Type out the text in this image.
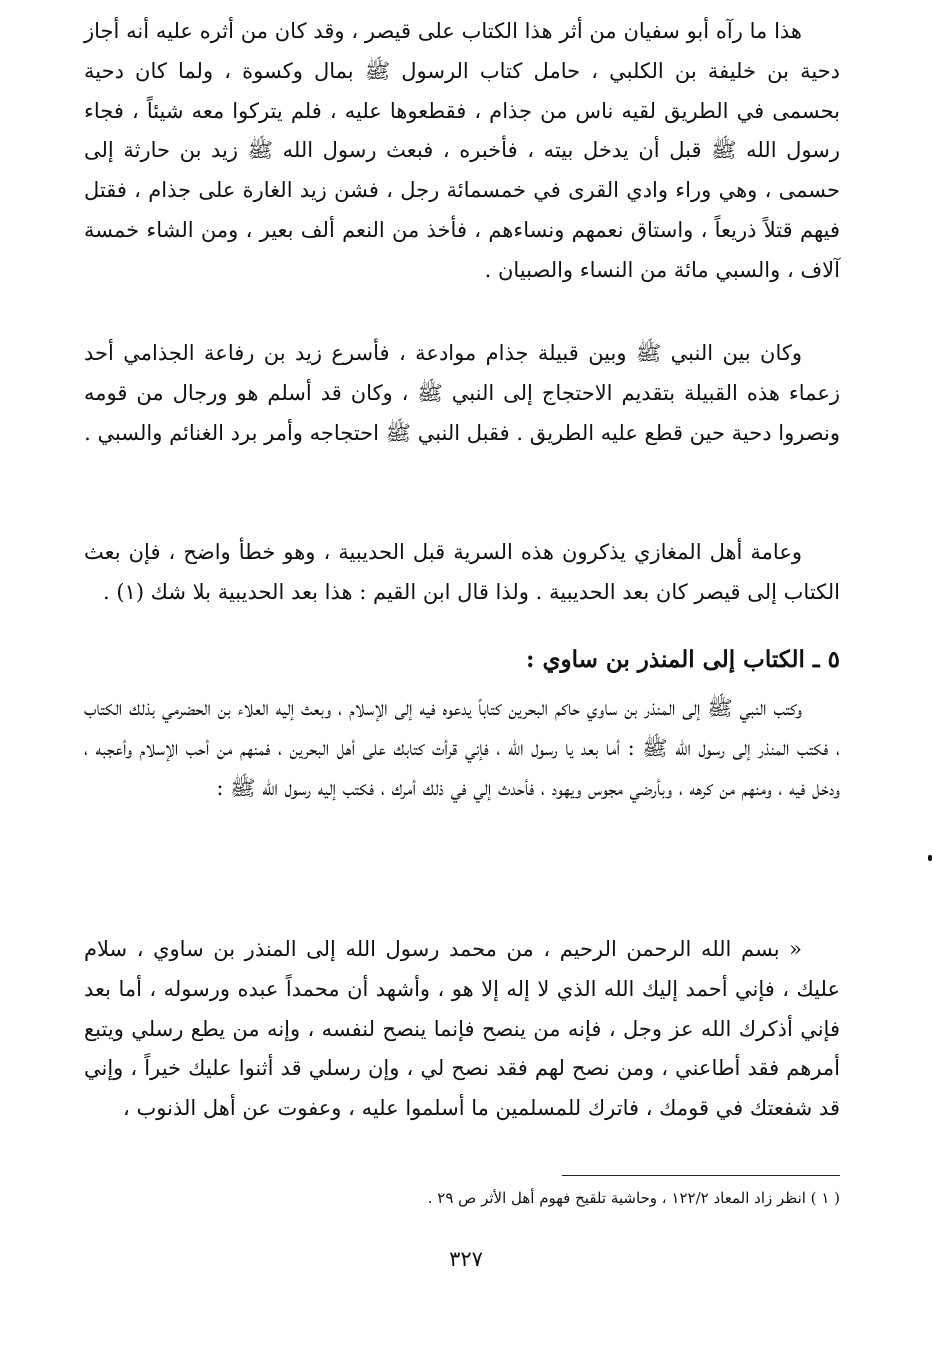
هذا ما رآه أبو سفيان من أثر هذا الكتاب على قيصر ، وقد كان من أثره عليه أنه أجاز دحية بن خليفة بن الكلبي ، حامل كتاب الرسول ﷺ بمال وكسوة ، ولما كان دحية بحسمى في الطريق لقيه ناس من جذام ، فقطعوها عليه ، فلم يتركوا معه شيئاً ، فجاء رسول الله ﷺ قبل أن يدخل بيته ، فأخبره ، فبعث رسول الله ﷺ زيد بن حارثة إلى حسمى ، وهي وراء وادي القرى في خمسمائة رجل ، فشن زيد الغارة على جذام ، فقتل فيهم قتلاً ذريعاً ، واستاق نعمهم ونساءهم ، فأخذ من النعم ألف بعير ، ومن الشاء خمسة آلاف ، والسبي مائة من النساء والصبيان .

وكان بين النبي ﷺ وبين قبيلة جذام موادعة ، فأسرع زيد بن رفاعة الجذامي أحد زعماء هذه القبيلة بتقديم الاحتجاج إلى النبي ﷺ ، وكان قد أسلم هو ورجال من قومه ونصروا دحية حين قطع عليه الطريق . فقبل النبي ﷺ احتجاجه وأمر برد الغنائم والسبي .

وعامة أهل المغازي يذكرون هذه السرية قبل الحديبية ، وهو خطأ واضح ، فإن بعث الكتاب إلى قيصر كان بعد الحديبية . ولذا قال ابن القيم : هذا بعد الحديبية بلا شك (١) .

٥ ـ الكتاب إلى المنذر بن ساوي :

وكتب النبي ﷺ إلى المنذر بن ساوي حاكم البحرين كتاباً يدعوه فيه إلى الإسلام ، وبعث إليه العلاء بن الحضرمي بذلك الكتاب ، فكتب المنذر إلى رسول الله ﷺ : أما بعد يا رسول الله ، فإني قرأت كتابك على أهل البحرين ، فمنهم من أحب الإسلام وأعجبه ، ودخل فيه ، ومنهم من كرهه ، وبأرضي مجوس ويهود ، فأحدث إلي في ذلك أمرك ، فكتب إليه رسول الله ﷺ :

« بسم الله الرحمن الرحيم ، من محمد رسول الله إلى المنذر بن ساوي ، سلام عليك ، فإني أحمد إليك الله الذي لا إله إلا هو ، وأشهد أن محمداً عبده ورسوله ، أما بعد فإني أذكرك الله عز وجل ، فإنه من ينصح فإنما ينصح لنفسه ، وإنه من يطع رسلي ويتبع أمرهم فقد أطاعني ، ومن نصح لهم فقد نصح لي ، وإن رسلي قد أثنوا عليك خيراً ، وإني قد شفعتك في قومك ، فاترك للمسلمين ما أسلموا عليه ، وعفوت عن أهل الذنوب ،

( ١ ) انظر زاد المعاد ١٢٢/٢ ، وحاشية تلقيح فهوم أهل الأثر ص ٢٩ .
٣٢٧
